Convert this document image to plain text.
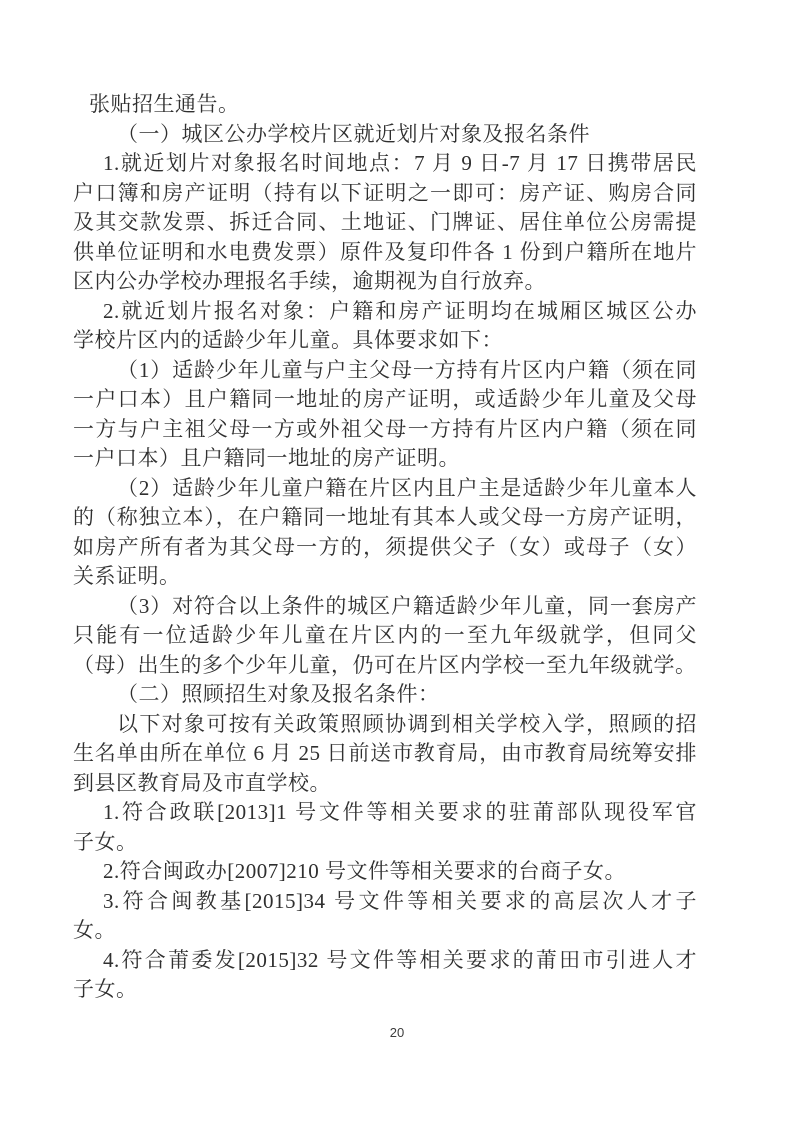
张贴招生通告。
（一）城区公办学校片区就近划片对象及报名条件
1.就近划片对象报名时间地点：7 月 9 日-7 月 17 日携带居民
户口簿和房产证明（持有以下证明之一即可：房产证、购房合同
及其交款发票、拆迁合同、土地证、门牌证、居住单位公房需提
供单位证明和水电费发票）原件及复印件各 1 份到户籍所在地片
区内公办学校办理报名手续，逾期视为自行放弃。
2.就近划片报名对象：户籍和房产证明均在城厢区城区公办
学校片区内的适龄少年儿童。具体要求如下：
（1）适龄少年儿童与户主父母一方持有片区内户籍（须在同
一户口本）且户籍同一地址的房产证明，或适龄少年儿童及父母
一方与户主祖父母一方或外祖父母一方持有片区内户籍（须在同
一户口本）且户籍同一地址的房产证明。
（2）适龄少年儿童户籍在片区内且户主是适龄少年儿童本人
的（称独立本），在户籍同一地址有其本人或父母一方房产证明，
如房产所有者为其父母一方的，须提供父子（女）或母子（女）
关系证明。
（3）对符合以上条件的城区户籍适龄少年儿童，同一套房产
只能有一位适龄少年儿童在片区内的一至九年级就学，但同父
（母）出生的多个少年儿童，仍可在片区内学校一至九年级就学。
（二）照顾招生对象及报名条件：
以下对象可按有关政策照顾协调到相关学校入学，照顾的招
生名单由所在单位 6 月 25 日前送市教育局，由市教育局统筹安排
到县区教育局及市直学校。
1.符合政联[2013]1 号文件等相关要求的驻莆部队现役军官
子女。
2.符合闽政办[2007]210 号文件等相关要求的台商子女。
3.符合闽教基[2015]34 号文件等相关要求的高层次人才子
女。
4.符合莆委发[2015]32 号文件等相关要求的莆田市引进人才
子女。
20
